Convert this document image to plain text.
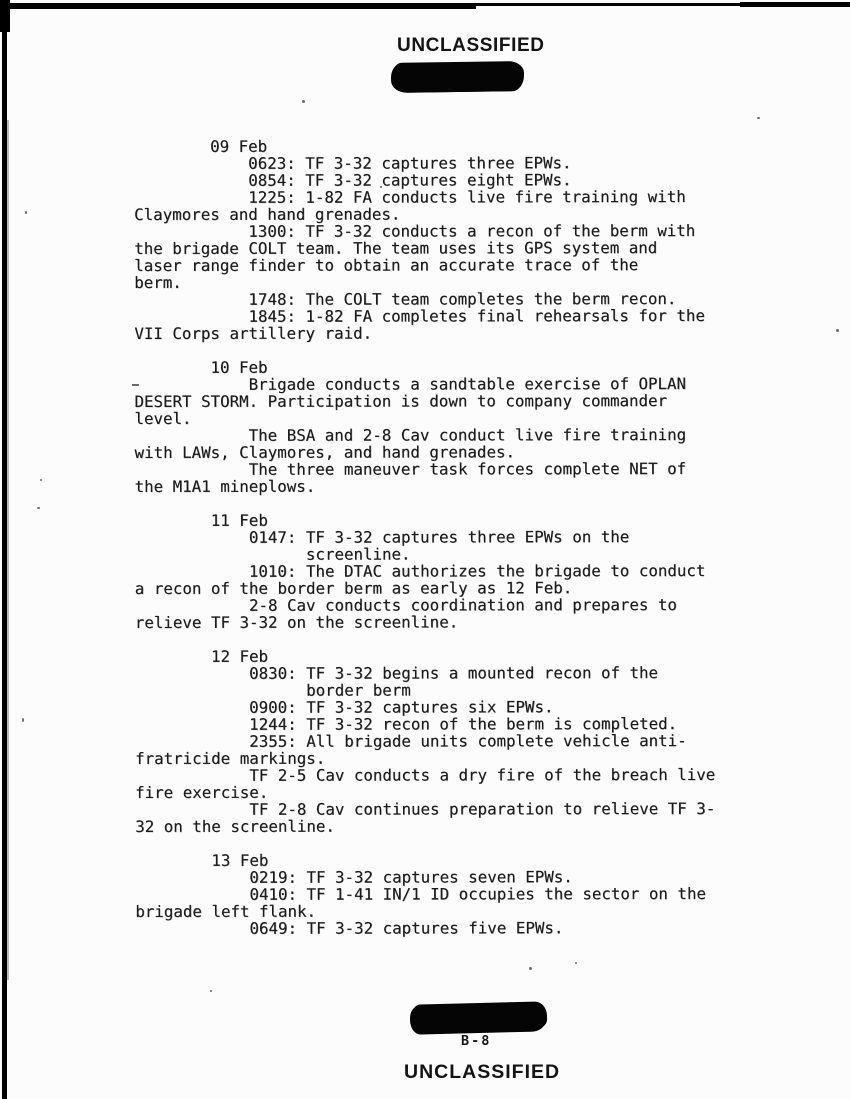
UNCLASSIFIED
09 Feb
0623: TF 3-32 captures three EPWs.
0854: TF 3-32 captures eight EPWs.
1225: 1-82 FA conducts live fire training with
Claymores and hand grenades.
1300: TF 3-32 conducts a recon of the berm with
the brigade COLT team. The team uses its GPS system and
laser range finder to obtain an accurate trace of the
berm.
1748: The COLT team completes the berm recon.
1845: 1-82 FA completes final rehearsals for the
VII Corps artillery raid.

10 Feb
Brigade conducts a sandtable exercise of OPLAN
DESERT STORM. Participation is down to company commander
level.
The BSA and 2-8 Cav conduct live fire training
with LAWs, Claymores, and hand grenades.
The three maneuver task forces complete NET of
the M1A1 mineplows.

11 Feb
0147: TF 3-32 captures three EPWs on the
screenline.
1010: The DTAC authorizes the brigade to conduct
a recon of the border berm as early as 12 Feb.
2-8 Cav conducts coordination and prepares to
relieve TF 3-32 on the screenline.

12 Feb
0830: TF 3-32 begins a mounted recon of the
border berm
0900: TF 3-32 captures six EPWs.
1244: TF 3-32 recon of the berm is completed.
2355: All brigade units complete vehicle anti-
fratricide markings.
TF 2-5 Cav conducts a dry fire of the breach live
fire exercise.
TF 2-8 Cav continues preparation to relieve TF 3-
32 on the screenline.

13 Feb
0219: TF 3-32 captures seven EPWs.
0410: TF 1-41 IN/1 ID occupies the sector on the
brigade left flank.
0649: TF 3-32 captures five EPWs.
B-8
UNCLASSIFIED
